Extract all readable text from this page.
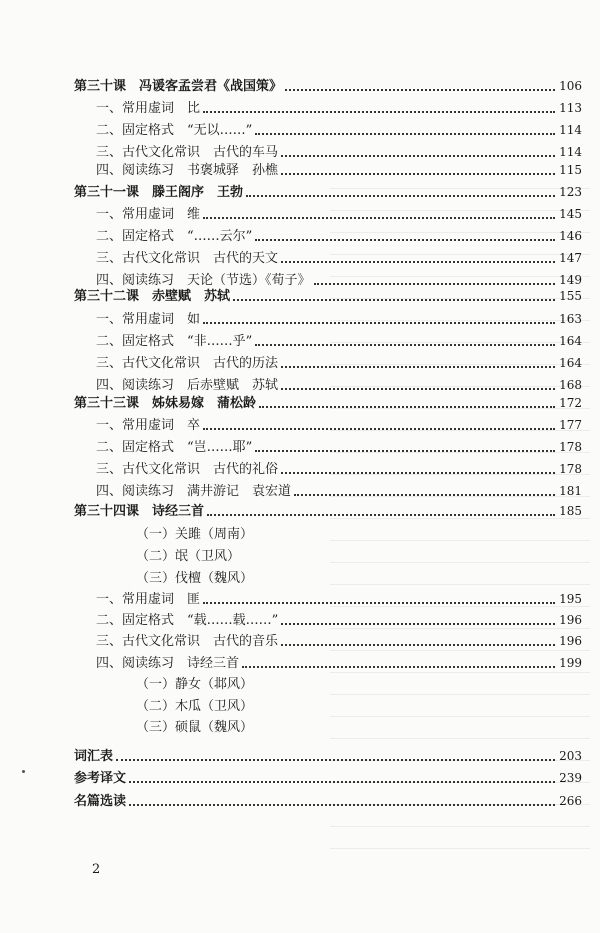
第三十课　冯谖客孟尝君《战国策》	106
一、常用虚词　比	113
二、固定格式　“无以……”	114
三、古代文化常识　古代的车马	114
四、阅读练习　书褒城驿　孙樵	115
第三十一课　滕王阁序　王勃	123
一、常用虚词　维	145
二、固定格式　“……云尔”	146
三、古代文化常识　古代的天文	147
四、阅读练习　天论（节选）《荀子》	149
第三十二课　赤壁赋　苏轼	155
一、常用虚词　如	163
二、固定格式　“非……乎”	164
三、古代文化常识　古代的历法	164
四、阅读练习　后赤壁赋　苏轼	168
第三十三课　姊妹易嫁　蒲松龄	172
一、常用虚词　卒	177
二、固定格式　“岂……耶”	178
三、古代文化常识　古代的礼俗	178
四、阅读练习　满井游记　袁宏道	181
第三十四课　诗经三首	185
（一）关雎（周南）
（二）氓（卫风）
（三）伐檀（魏风）
一、常用虚词　匪	195
二、固定格式　“载……载……”	196
三、古代文化常识　古代的音乐	196
四、阅读练习　诗经三首	199
（一）静女（邶风）
（二）木瓜（卫风）
（三）硕鼠（魏风）
词汇表	203
参考译文	239
名篇选读	266
2
